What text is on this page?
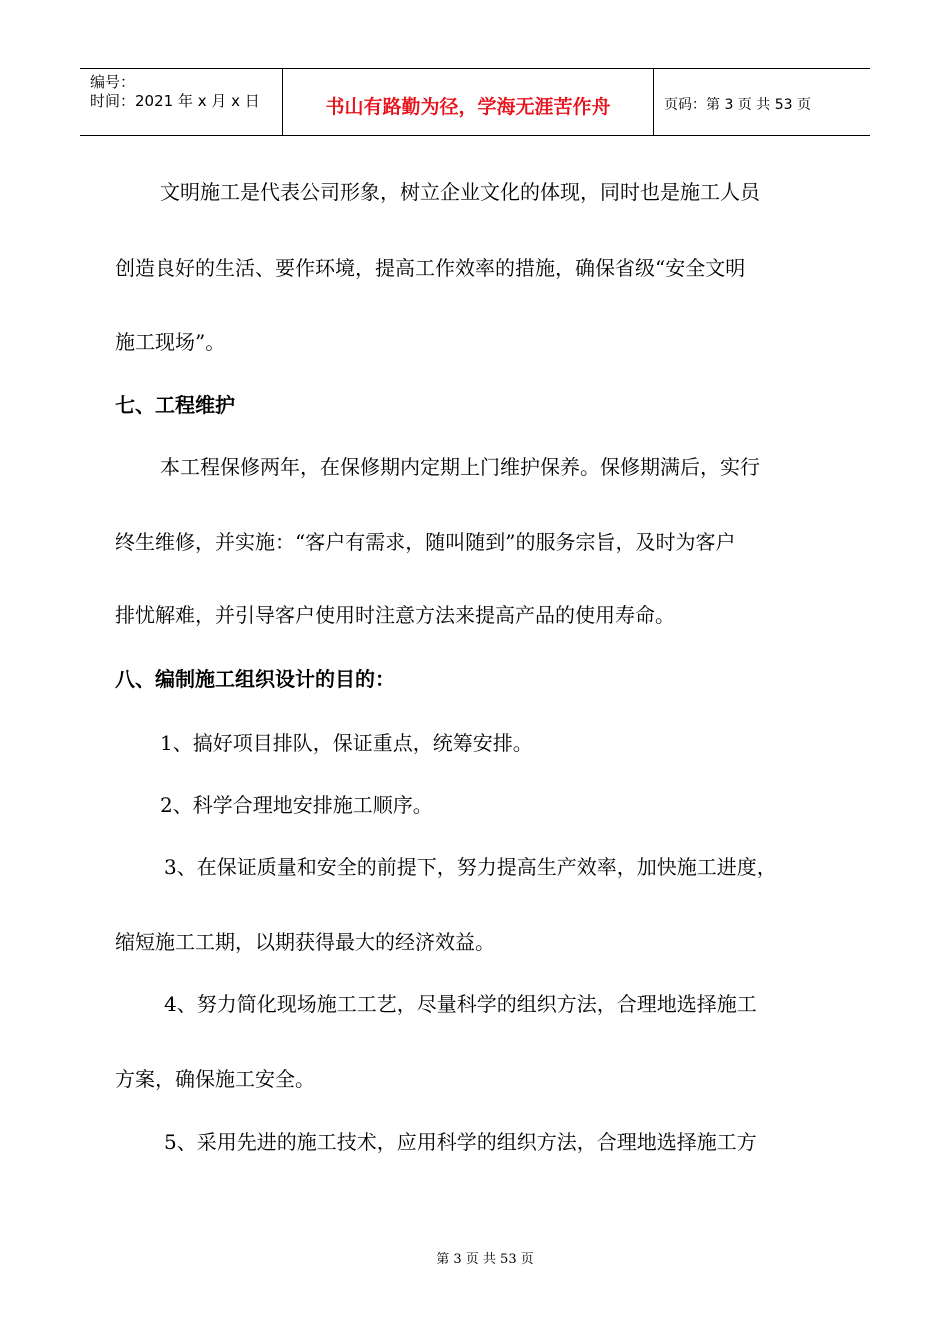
编号：
时间：2021 年 x 月 x 日	书山有路勤为径，学海无涯苦作舟	页码：第 3 页 共 53 页
文明施工是代表公司形象，树立企业文化的体现，同时也是施工人员
创造良好的生活、要作环境，提高工作效率的措施，确保省级“安全文明
施工现场”。
七、工程维护
本工程保修两年，在保修期内定期上门维护保养。保修期满后，实行
终生维修，并实施：“客户有需求，随叫随到”的服务宗旨，及时为客户
排忧解难，并引导客户使用时注意方法来提高产品的使用寿命。
八、编制施工组织设计的目的：
1、搞好项目排队，保证重点，统筹安排。
2、科学合理地安排施工顺序。
3、在保证质量和安全的前提下，努力提高生产效率，加快施工进度，
缩短施工工期，以期获得最大的经济效益。
4、努力简化现场施工工艺，尽量科学的组织方法，合理地选择施工
方案，确保施工安全。
5、采用先进的施工技术，应用科学的组织方法，合理地选择施工方
第 3 页 共 53 页
